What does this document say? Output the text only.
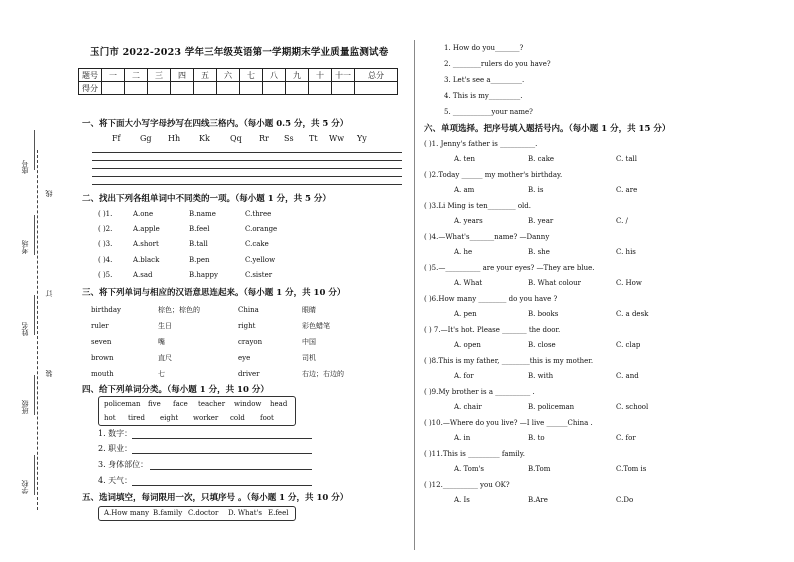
座号
考场
姓名
班级
学校
线
订
装
玉门市 2022-2023 学年三年级英语第一学期期末学业质量监测试卷
题号	一	二	三	四	五	六	七	八	九	十	十一	总分
得分												
一、将下面大小写字母抄写在四线三格内。（每小题 0.5 分，共 5 分）
Ff Gg Hh Kk	Qq Rr Ss Tt Ww Yy
二、找出下列各组单词中不同类的一项。（每小题 1 分，共 5 分）
( )1.	A.one	B.name	C.three
( )2.	A.apple	B.feel	C.orange
( )3.	A.short	B.tall	C.cake
( )4.	A.black	B.pen	C.yellow
( )5.	A.sad	B.happy	C.sister
三、将下列单词与相应的汉语意思连起来。（每小题 1 分，共 10 分）
birthday	棕色；棕色的
ruler	生日
seven	嘴
brown	直尺
mouth	七
China	眼睛
right	彩色蜡笔
crayon	中国
eye	司机
driver	右边；右边的
四、给下列单词分类。（每小题 1 分，共 10 分）
policeman five face teacher window head
hot tired eight worker cold foot
1. 数字：
2. 职业：
3. 身体部位：
4. 天气：
五、选词填空，每词限用一次，只填序号 。（每小题 1 分，共 10 分）
A.How many B.family C.doctor D. What's E.feel
1. How do you_______?
2. ________rulers do you have?
3. Let's see a_________.
4. This is my_________.
5. ___________your name?
六、单项选择。把序号填入题括号内。（每小题 1 分，共 15 分）
( )1. Jenny's father is __________.
A. ten	B. cake	C. tall
( )2.Today ______ my mother's birthday.
A. am	B. is	C. are
( )3.Li Ming is ten________ old.
A. years	B. year	C. /
( )4.—What's_______name? —Danny
A. he	B. she	C. his
( )5.—__________ are your eyes? —They are blue.
A. What	B. What colour	C. How
( )6.How many ________ do you have ?
A. pen	B. books	C. a desk
( ) 7.—It's hot. Please _______ the door.
A. open	B. close	C. clap
( )8.This is my father, ________this is my mother.
A. for	B. with	C. and
( )9.My brother is a __________ .
A. chair	B. policeman	C. school
( )10.—Where do you live? —I live ______China .
A. in	B. to	C. for
( )11.This is _________ family.
A. Tom's	B.Tom	C.Tom is
( )12.__________ you OK?
A. Is	B.Are	C.Do
